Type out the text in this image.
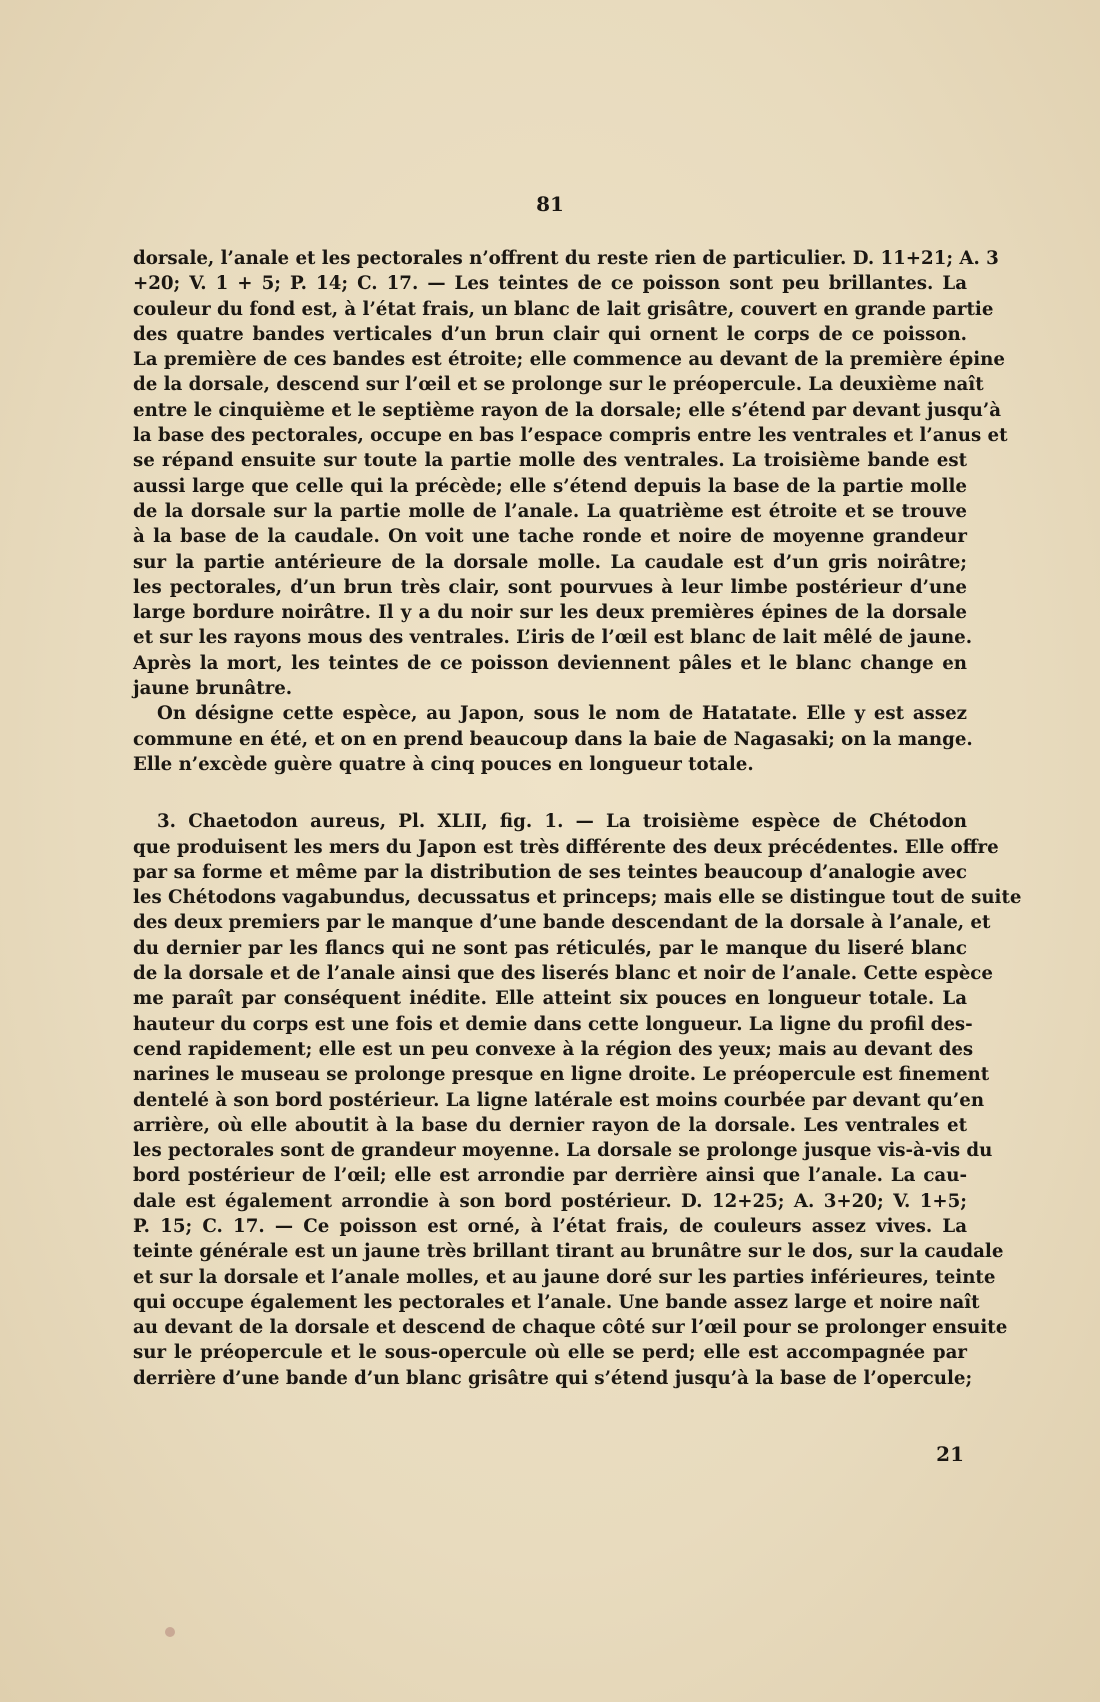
81
dorsale, l’anale et les pectorales n’offrent du reste rien de particulier. D. 11+21; A. 3
+20; V. 1 + 5; P. 14; C. 17. — Les teintes de ce poisson sont peu brillantes. La
couleur du fond est, à l’état frais, un blanc de lait grisâtre, couvert en grande partie
des quatre bandes verticales d’un brun clair qui ornent le corps de ce poisson.
La première de ces bandes est étroite; elle commence au devant de la première épine
de la dorsale, descend sur l’œil et se prolonge sur le préopercule. La deuxième naît
entre le cinquième et le septième rayon de la dorsale; elle s’étend par devant jusqu’à
la base des pectorales, occupe en bas l’espace compris entre les ventrales et l’anus et
se répand ensuite sur toute la partie molle des ventrales. La troisième bande est
aussi large que celle qui la précède; elle s’étend depuis la base de la partie molle
de la dorsale sur la partie molle de l’anale. La quatrième est étroite et se trouve
à la base de la caudale. On voit une tache ronde et noire de moyenne grandeur
sur la partie antérieure de la dorsale molle. La caudale est d’un gris noirâtre;
les pectorales, d’un brun très clair, sont pourvues à leur limbe postérieur d’une
large bordure noirâtre. Il y a du noir sur les deux premières épines de la dorsale
et sur les rayons mous des ventrales. L’iris de l’œil est blanc de lait mêlé de jaune.
Après la mort, les teintes de ce poisson deviennent pâles et le blanc change en
jaune brunâtre.
On désigne cette espèce, au Japon, sous le nom de Hatatate. Elle y est assez
commune en été, et on en prend beaucoup dans la baie de Nagasaki; on la mange.
Elle n’excède guère quatre à cinq pouces en longueur totale.
3. Chaetodon aureus, Pl. XLII, fig. 1. — La troisième espèce de Chétodon
que produisent les mers du Japon est très différente des deux précédentes. Elle offre
par sa forme et même par la distribution de ses teintes beaucoup d’analogie avec
les Chétodons vagabundus, decussatus et princeps; mais elle se distingue tout de suite
des deux premiers par le manque d’une bande descendant de la dorsale à l’anale, et
du dernier par les flancs qui ne sont pas réticulés, par le manque du liseré blanc
de la dorsale et de l’anale ainsi que des liserés blanc et noir de l’anale. Cette espèce
me paraît par conséquent inédite. Elle atteint six pouces en longueur totale. La
hauteur du corps est une fois et demie dans cette longueur. La ligne du profil des-
cend rapidement; elle est un peu convexe à la région des yeux; mais au devant des
narines le museau se prolonge presque en ligne droite. Le préopercule est finement
dentelé à son bord postérieur. La ligne latérale est moins courbée par devant qu’en
arrière, où elle aboutit à la base du dernier rayon de la dorsale. Les ventrales et
les pectorales sont de grandeur moyenne. La dorsale se prolonge jusque vis-à-vis du
bord postérieur de l’œil; elle est arrondie par derrière ainsi que l’anale. La cau-
dale est également arrondie à son bord postérieur. D. 12+25; A. 3+20; V. 1+5;
P. 15; C. 17. — Ce poisson est orné, à l’état frais, de couleurs assez vives. La
teinte générale est un jaune très brillant tirant au brunâtre sur le dos, sur la caudale
et sur la dorsale et l’anale molles, et au jaune doré sur les parties inférieures, teinte
qui occupe également les pectorales et l’anale. Une bande assez large et noire naît
au devant de la dorsale et descend de chaque côté sur l’œil pour se prolonger ensuite
sur le préopercule et le sous-opercule où elle se perd; elle est accompagnée par
derrière d’une bande d’un blanc grisâtre qui s’étend jusqu’à la base de l’opercule;
21
